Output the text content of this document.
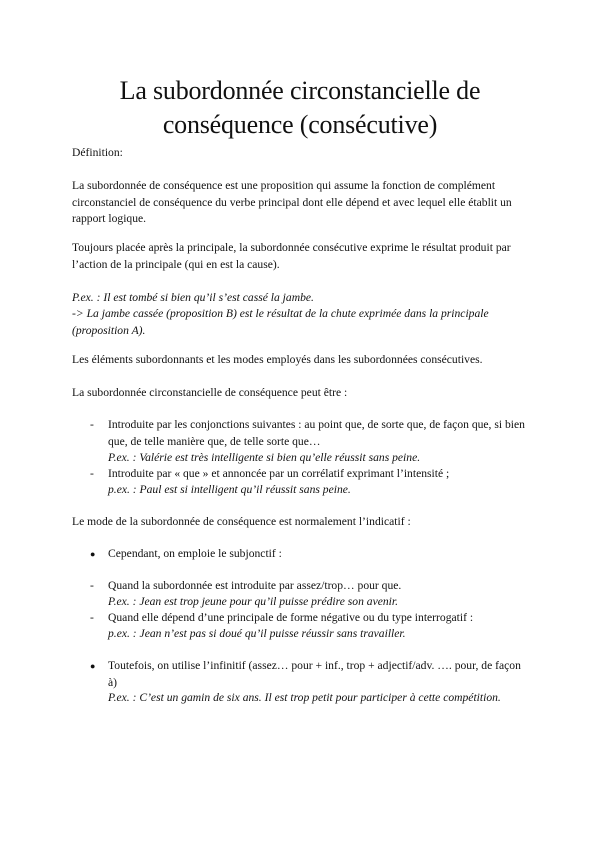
La subordonnée circonstancielle de conséquence (consécutive)

Définition:

La subordonnée de conséquence est une proposition qui assume la fonction de complément circonstanciel de conséquence du verbe principal dont elle dépend et avec lequel elle établit un rapport logique.

Toujours placée après la principale, la subordonnée consécutive exprime le résultat produit par l’action de la principale (qui en est la cause).

P.ex. : Il est tombé si bien qu’il s’est cassé la jambe.

-> La jambe cassée (proposition B) est le résultat de la chute exprimée dans la principale (proposition A).

Les éléments subordonnants et les modes employés dans les subordonnées consécutives.

La subordonnée circonstancielle de conséquence peut être :

- Introduite par les conjonctions suivantes : au point que, de sorte que, de façon que, si bien que, de telle manière que, de telle sorte que…

P.ex. : Valérie est très intelligente si bien qu’elle réussit sans peine.

- Introduite par « que » et annoncée par un corrélatif exprimant l’intensité ;

p.ex. : Paul est si intelligent qu’il réussit sans peine.

Le mode de la subordonnée de conséquence est normalement l’indicatif :

● Cependant, on emploie le subjonctif :

- Quand la subordonnée est introduite par assez/trop… pour que.

P.ex. : Jean est trop jeune pour qu’il puisse prédire son avenir.

- Quand elle dépend d’une principale de forme négative ou du type interrogatif :

p.ex. : Jean n’est pas si doué qu’il puisse réussir sans travailler.

● Toutefois, on utilise l’infinitif (assez… pour + inf., trop + adjectif/adv. …. pour, de façon à)

P.ex. : C’est un gamin de six ans. Il est trop petit pour participer à cette compétition.
